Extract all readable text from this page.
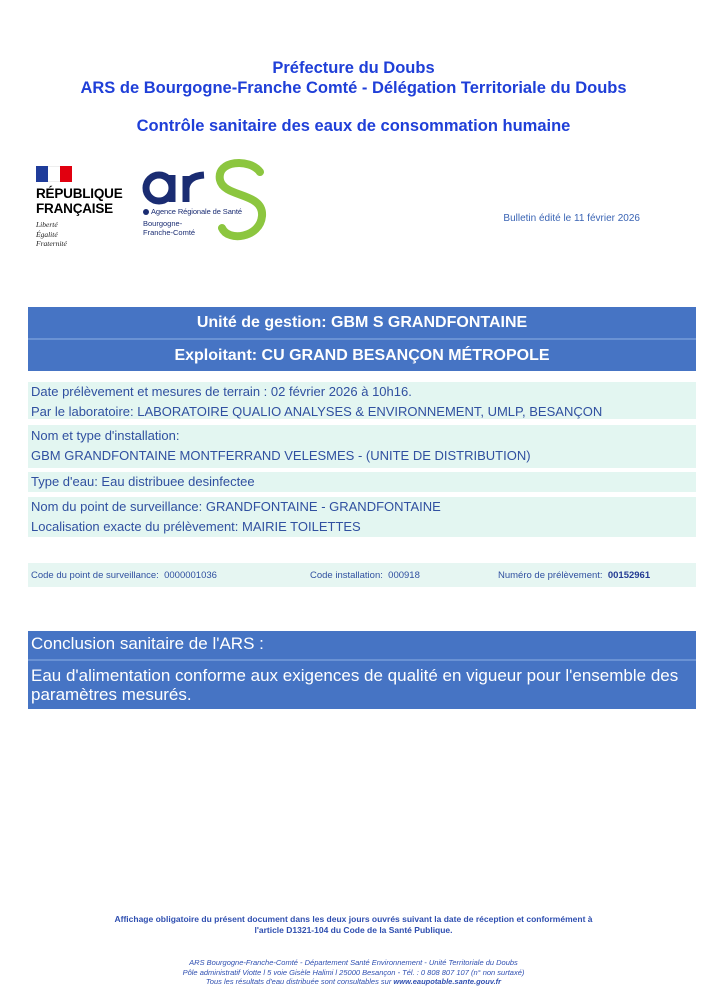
Préfecture du Doubs
ARS de Bourgogne-Franche Comté - Délégation Territoriale du Doubs
Contrôle sanitaire des eaux de consommation humaine
RÉPUBLIQUE
FRANÇAISE
Liberté
Égalité
Fraternité
Agence Régionale de Santé
Bourgogne-
Franche-Comté
Bulletin édité le 11 février 2026
Unité de gestion: GBM S GRANDFONTAINE
Exploitant: CU GRAND BESANÇON MÉTROPOLE
Date prélèvement et mesures de terrain : 02 février 2026 à 10h16.
Par le laboratoire: LABORATOIRE QUALIO ANALYSES & ENVIRONNEMENT, UMLP, BESANÇON
Nom et type d'installation:
GBM GRANDFONTAINE MONTFERRAND VELESMES - (UNITE DE DISTRIBUTION)
Type d'eau: Eau distribuee desinfectee
Nom du point de surveillance: GRANDFONTAINE - GRANDFONTAINE
Localisation exacte du prélèvement: MAIRIE TOILETTES
Code du point de surveillance: 0000001036	Code installation: 000918	Numéro de prélèvement: 00152961
Conclusion sanitaire de l'ARS :
Eau d'alimentation conforme aux exigences de qualité en vigueur pour l'ensemble des paramètres mesurés.
Affichage obligatoire du présent document dans les deux jours ouvrés suivant la date de réception et conformément à
l'article D1321-104 du Code de la Santé Publique.
ARS Bourgogne-Franche-Comté - Département Santé Environnement - Unité Territoriale du Doubs
Pôle administratif Viotte l 5 voie Gisèle Halimi l 25000 Besançon - Tél. : 0 808 807 107 (n° non surtaxé)
Tous les résultats d'eau distribuée sont consultables sur www.eaupotable.sante.gouv.fr
